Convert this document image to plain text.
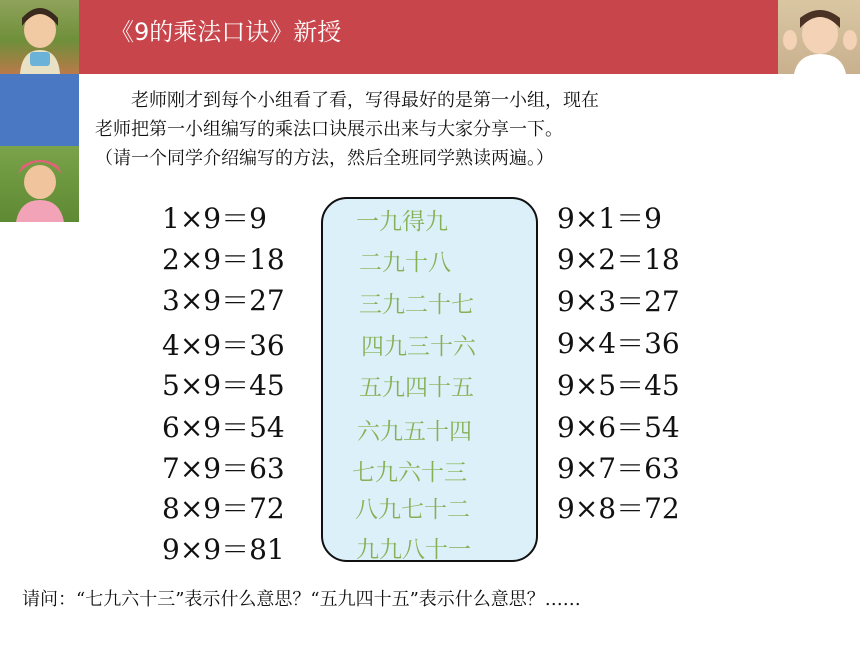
《9的乘法口诀》新授
老师刚才到每个小组看了看，写得最好的是第一小组，现在
老师把第一小组编写的乘法口诀展示出来与大家分享一下。
（请一个同学介绍编写的方法，然后全班同学熟读两遍。）
1×9＝9
2×9＝18
3×9＝27
4×9＝36
5×9＝45
6×9＝54
7×9＝63
8×9＝72
9×9＝81
一九得九
二九十八
三九二十七
四九三十六
五九四十五
六九五十四
七九六十三
八九七十二
九九八十一
9×1＝9
9×2＝18
9×3＝27
9×4＝36
9×5＝45
9×6＝54
9×7＝63
9×8＝72
请问：“七九六十三”表示什么意思？“五九四十五”表示什么意思？……
